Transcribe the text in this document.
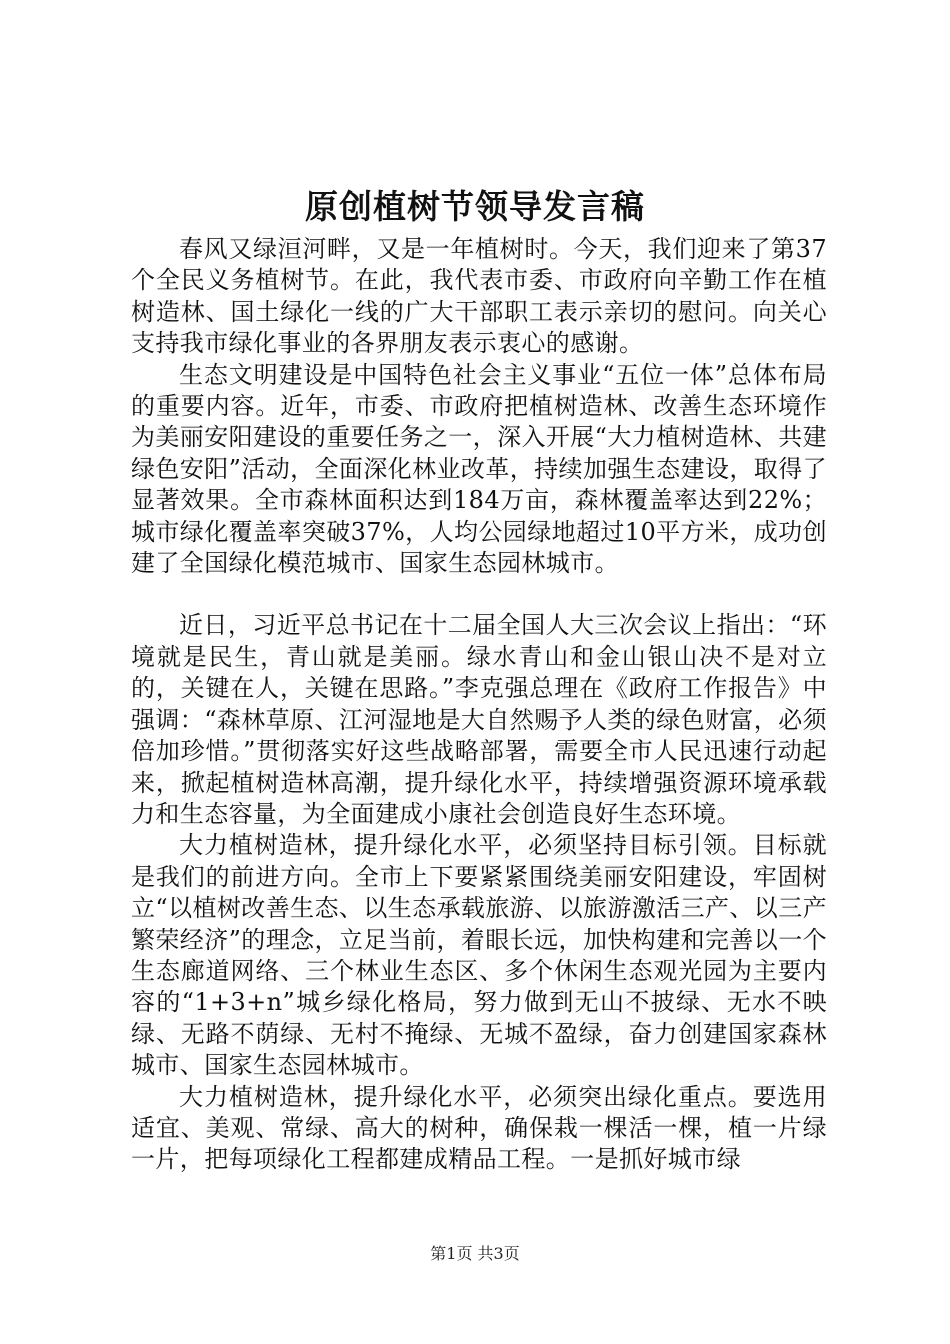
原创植树节领导发言稿

春风又绿洹河畔，又是一年植树时。今天，我们迎来了第37个全民义务植树节。在此，我代表市委、市政府向辛勤工作在植树造林、国土绿化一线的广大干部职工表示亲切的慰问。向关心支持我市绿化事业的各界朋友表示衷心的感谢。

生态文明建设是中国特色社会主义事业“五位一体”总体布局的重要内容。近年，市委、市政府把植树造林、改善生态环境作为美丽安阳建设的重要任务之一，深入开展“大力植树造林、共建绿色安阳”活动，全面深化林业改革，持续加强生态建设，取得了显著效果。全市森林面积达到184万亩，森林覆盖率达到22%；城市绿化覆盖率突破37%，人均公园绿地超过10平方米，成功创建了全国绿化模范城市、国家生态园林城市。

近日，习近平总书记在十二届全国人大三次会议上指出：“环境就是民生，青山就是美丽。绿水青山和金山银山决不是对立的，关键在人，关键在思路。”李克强总理在《政府工作报告》中强调：“森林草原、江河湿地是大自然赐予人类的绿色财富，必须倍加珍惜。”贯彻落实好这些战略部署，需要全市人民迅速行动起来，掀起植树造林高潮，提升绿化水平，持续增强资源环境承载力和生态容量，为全面建成小康社会创造良好生态环境。

大力植树造林，提升绿化水平，必须坚持目标引领。目标就是我们的前进方向。全市上下要紧紧围绕美丽安阳建设，牢固树立“以植树改善生态、以生态承载旅游、以旅游激活三产、以三产繁荣经济”的理念，立足当前，着眼长远，加快构建和完善以一个生态廊道网络、三个林业生态区、多个休闲生态观光园为主要内容的“1+3+n”城乡绿化格局，努力做到无山不披绿、无水不映绿、无路不荫绿、无村不掩绿、无城不盈绿，奋力创建国家森林城市、国家生态园林城市。

大力植树造林，提升绿化水平，必须突出绿化重点。要选用适宜、美观、常绿、高大的树种，确保栽一棵活一棵，植一片绿一片，把每项绿化工程都建成精品工程。一是抓好城市绿

第1页 共3页
